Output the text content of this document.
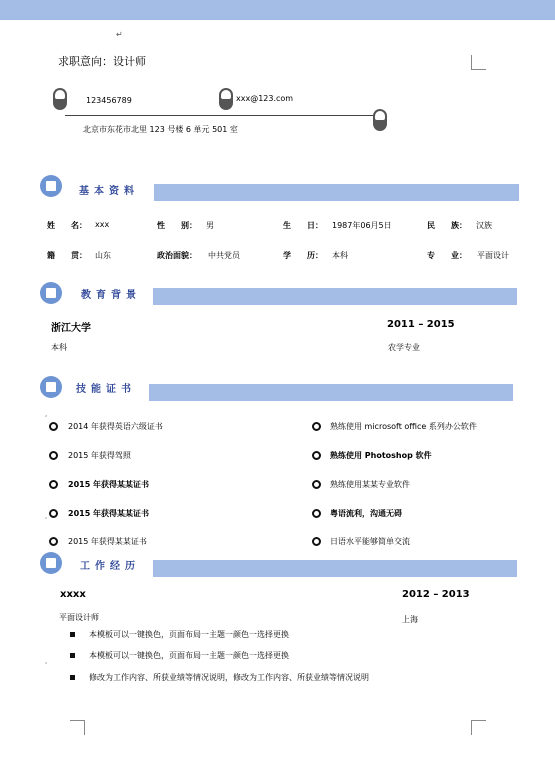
↵
求职意向：设计师
123456789	xxx@123.com
北京市东花市北里 123 号楼 6 单元 501 室
基本资料
姓　　名： xxx	性　　别： 男	生　　日： 1987年06月5日	民　　族： 汉族
籍　　贯： 山东	政治面貌： 中共党员	学　　历： 本科	专　　业： 平面设计
教育背景
浙江大学	2011 – 2015
本科	农学专业
技能证书
2014 年获得英语六级证书	熟练使用 microsoft office 系列办公软件
2015 年获得驾照	熟练使用 Photoshop 软件
2015 年获得某某证书	熟练使用某某专业软件
2015 年获得某某证书	粤语流利，沟通无碍
2015 年获得某某证书	日语水平能够简单交流
工作经历
xxxx	2012 – 2013
平面设计师	上海
本模板可以一键换色，页面布局一主题一颜色一选择更换
本模板可以一键换色，页面布局一主题一颜色一选择更换
修改为工作内容、所获业绩等情况说明，修改为工作内容、所获业绩等情况说明
,
,
,
